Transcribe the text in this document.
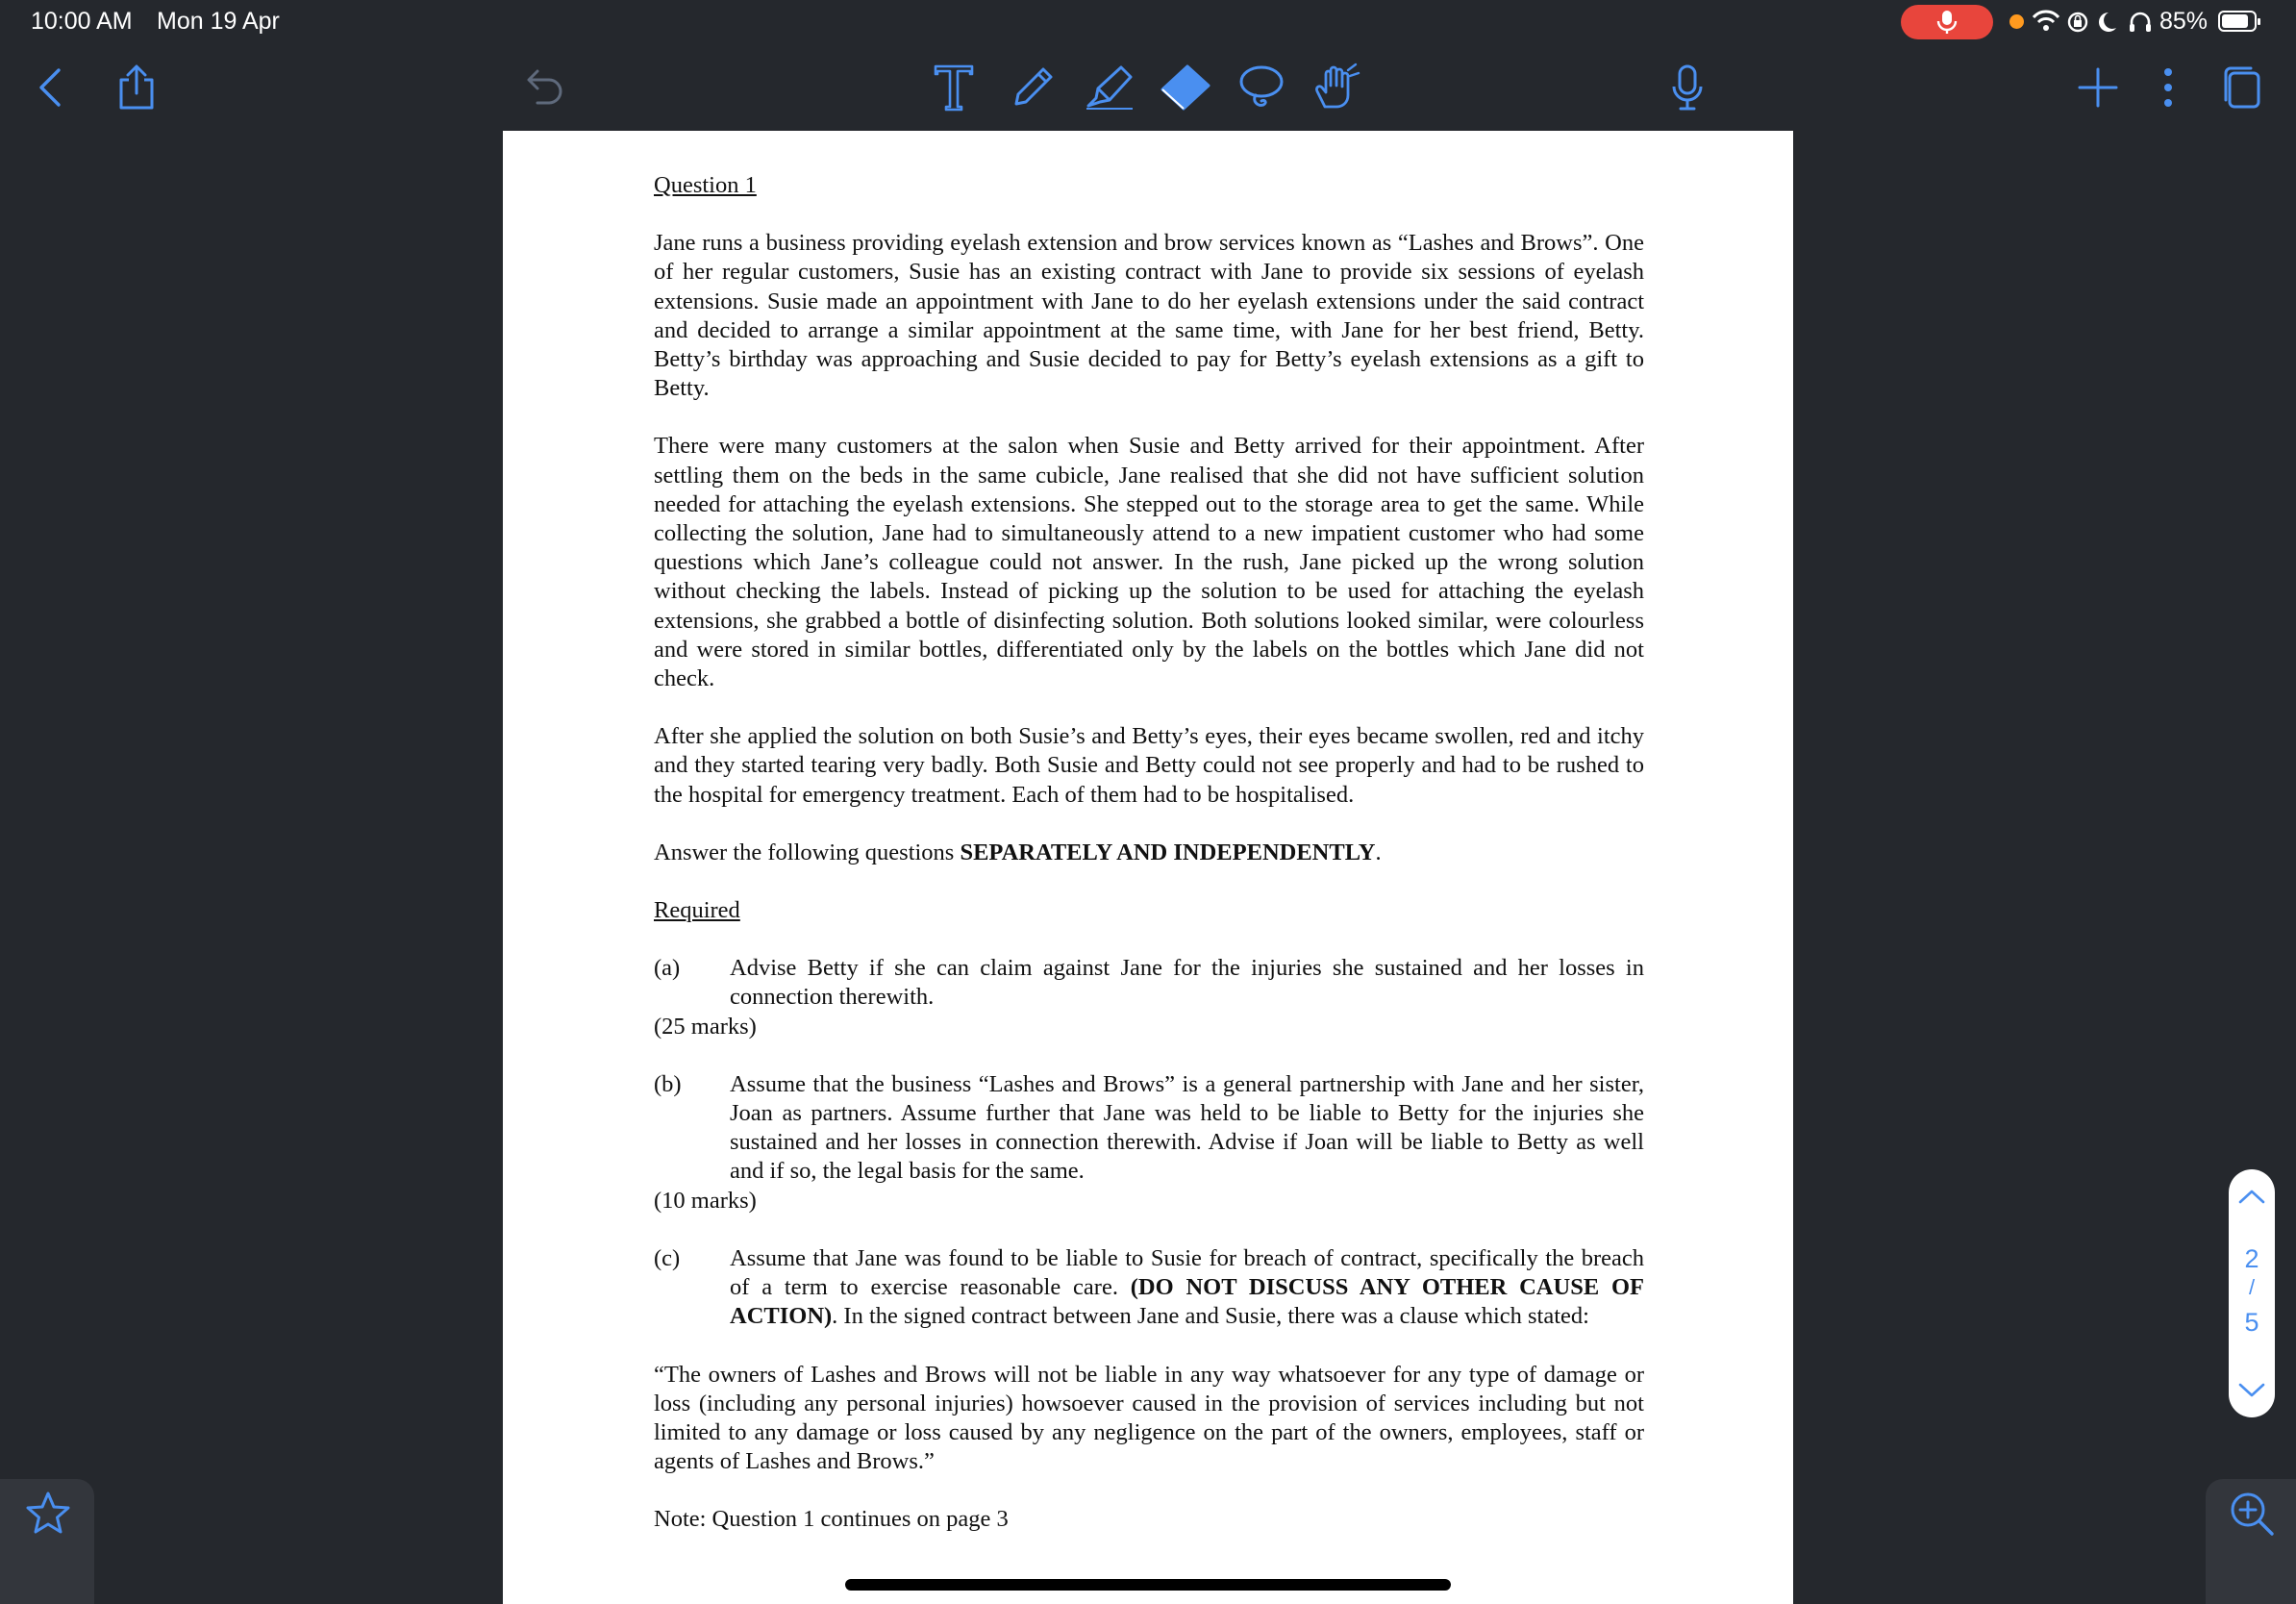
10:00 AM Mon 19 Apr	85%

Question 1

Jane runs a business providing eyelash extension and brow services known as “Lashes and Brows”. One of her regular customers, Susie has an existing contract with Jane to provide six sessions of eyelash extensions. Susie made an appointment with Jane to do her eyelash extensions under the said contract and decided to arrange a similar appointment at the same time, with Jane for her best friend, Betty. Betty’s birthday was approaching and Susie decided to pay for Betty’s eyelash extensions as a gift to Betty.

There were many customers at the salon when Susie and Betty arrived for their appointment. After settling them on the beds in the same cubicle, Jane realised that she did not have sufficient solution needed for attaching the eyelash extensions. She stepped out to the storage area to get the same. While collecting the solution, Jane had to simultaneously attend to a new impatient customer who had some questions which Jane’s colleague could not answer. In the rush, Jane picked up the wrong solution without checking the labels. Instead of picking up the solution to be used for attaching the eyelash extensions, she grabbed a bottle of disinfecting solution. Both solutions looked similar, were colourless and were stored in similar bottles, differentiated only by the labels on the bottles which Jane did not check.

After she applied the solution on both Susie’s and Betty’s eyes, their eyes became swollen, red and itchy and they started tearing very badly. Both Susie and Betty could not see properly and had to be rushed to the hospital for emergency treatment. Each of them had to be hospitalised.

Answer the following questions SEPARATELY AND INDEPENDENTLY.

Required

(a)	Advise Betty if she can claim against Jane for the injuries she sustained and her losses in connection therewith.

(25 marks)

(b)	Assume that the business “Lashes and Brows” is a general partnership with Jane and her sister, Joan as partners. Assume further that Jane was held to be liable to Betty for the injuries she sustained and her losses in connection therewith. Advise if Joan will be liable to Betty as well and if so, the legal basis for the same.

(10 marks)

(c)	Assume that Jane was found to be liable to Susie for breach of contract, specifically the breach of a term to exercise reasonable care. (DO NOT DISCUSS ANY OTHER CAUSE OF ACTION). In the signed contract between Jane and Susie, there was a clause which stated:

“The owners of Lashes and Brows will not be liable in any way whatsoever for any type of damage or loss (including any personal injuries) howsoever caused in the provision of services including but not limited to any damage or loss caused by any negligence on the part of the owners, employees, staff or agents of Lashes and Brows.”

Note: Question 1 continues on page 3

2
/
5
